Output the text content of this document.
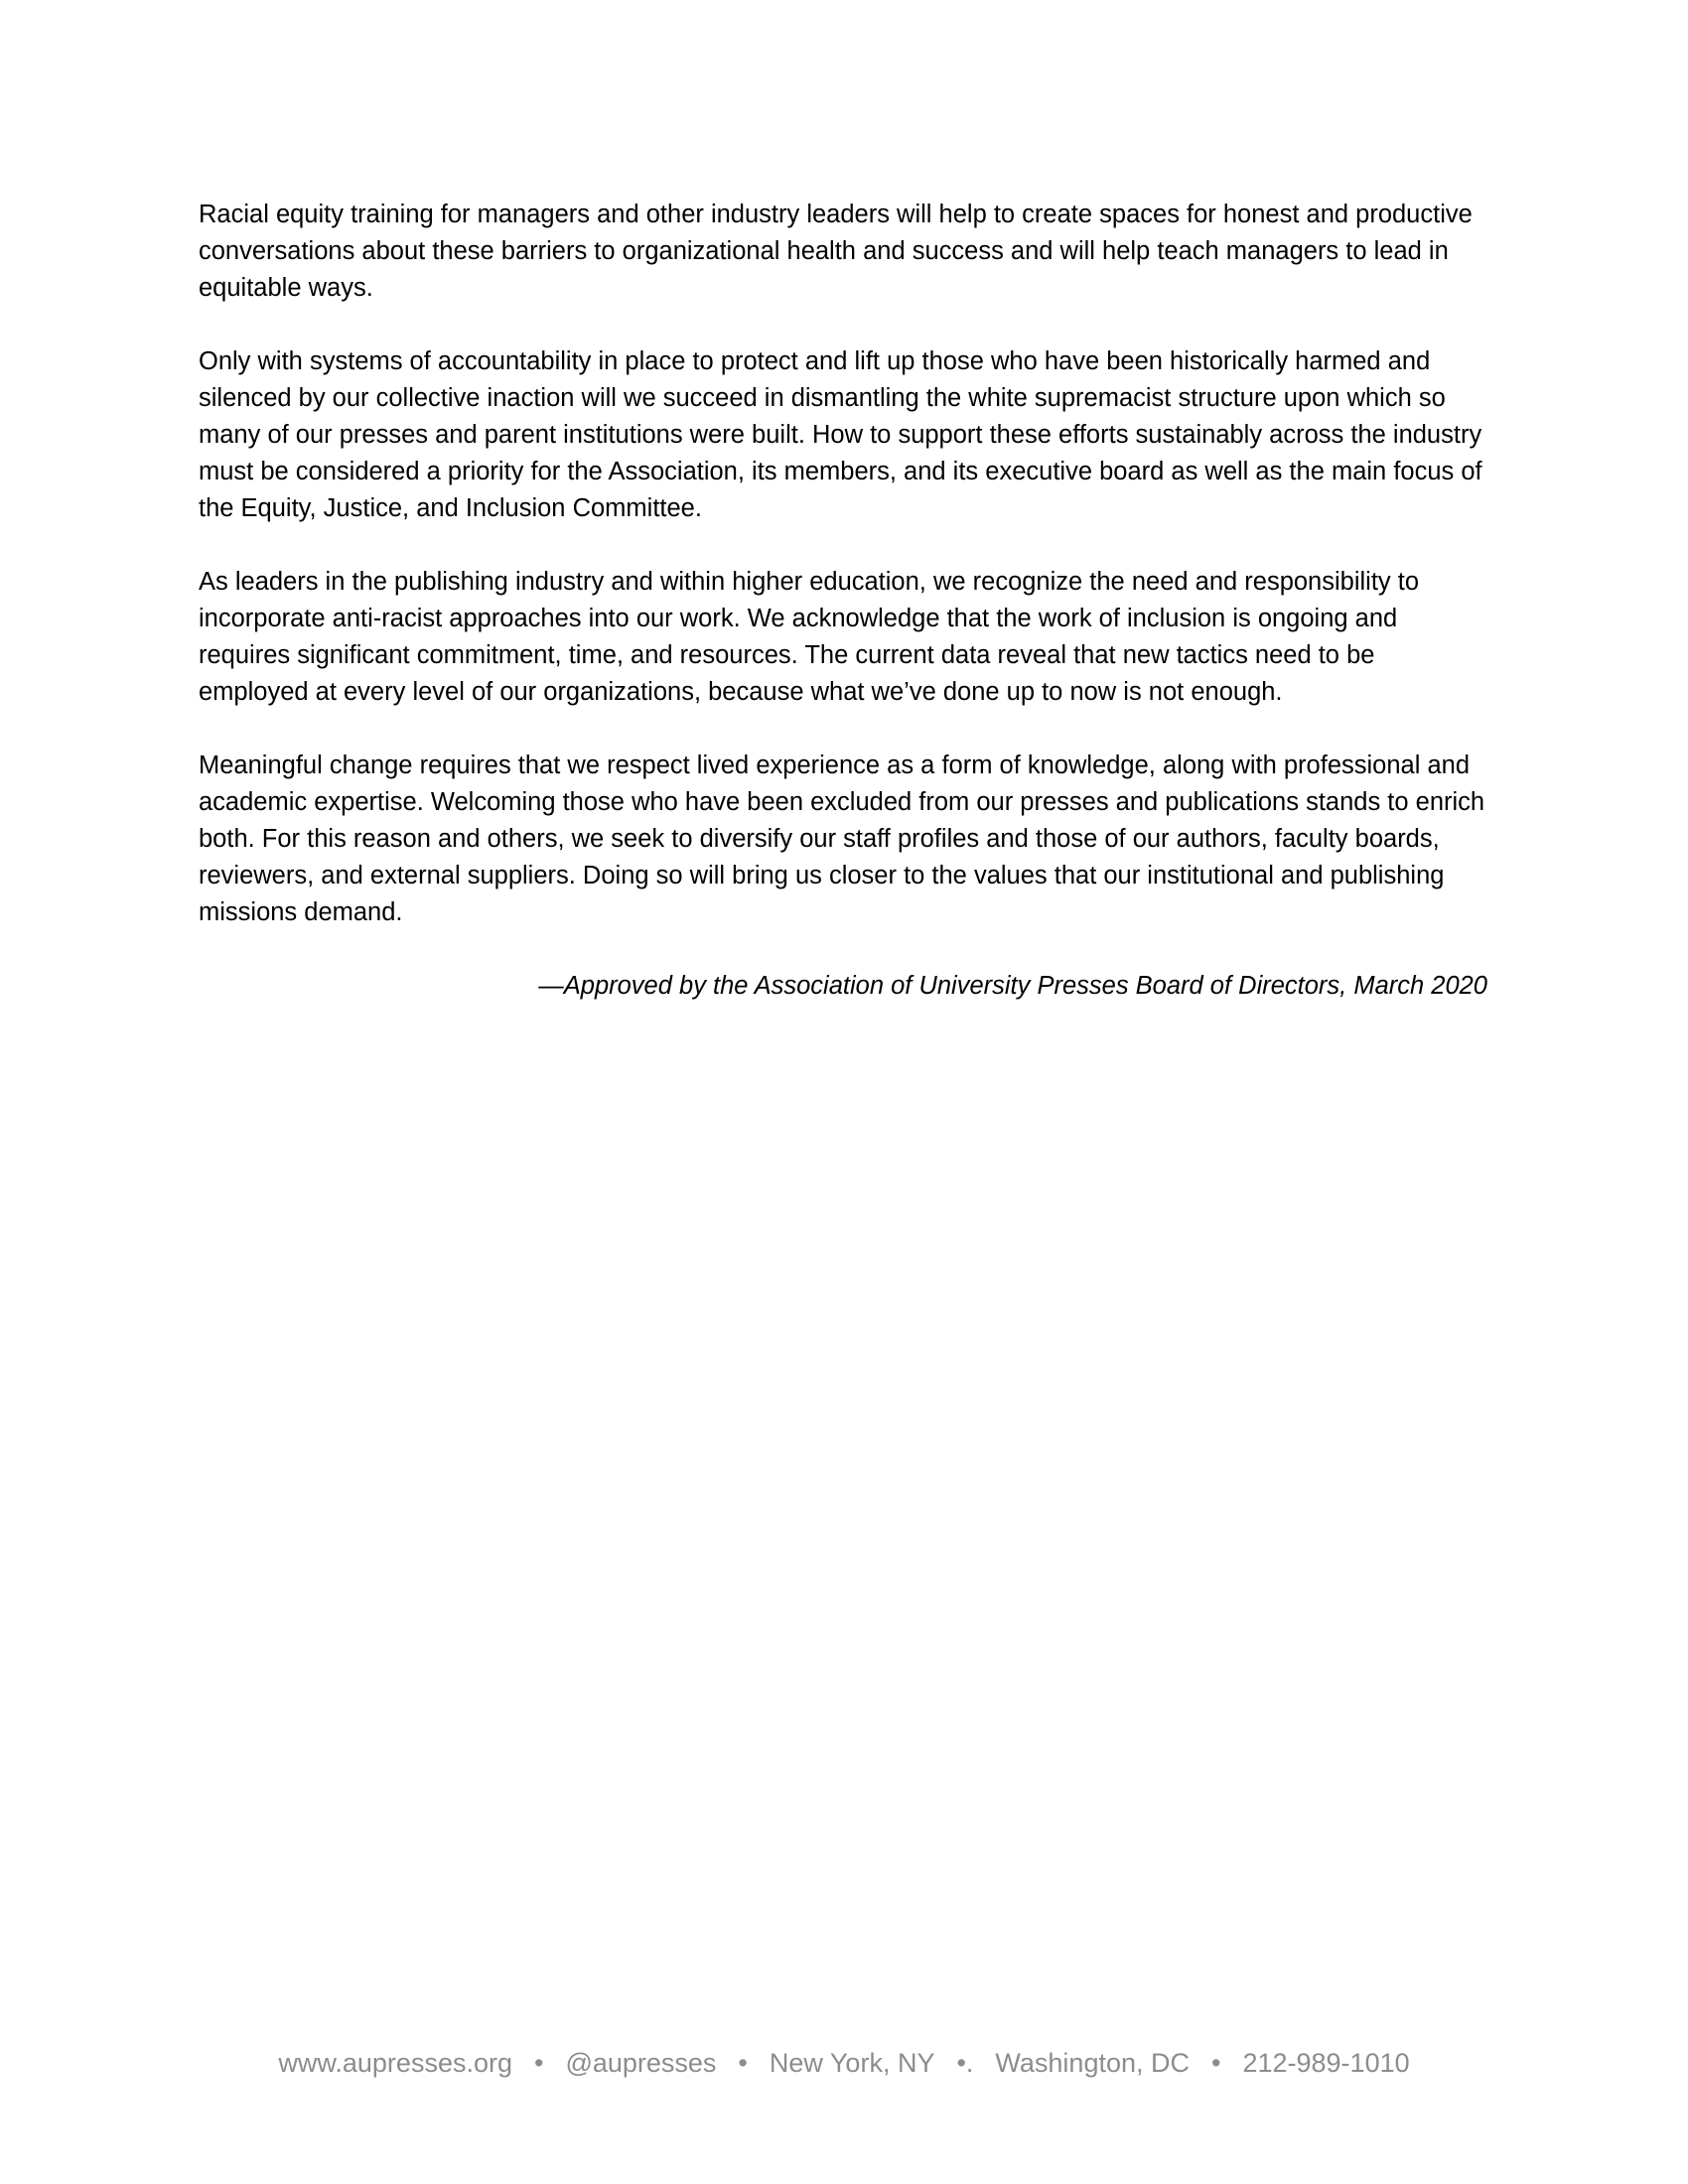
Racial equity training for managers and other industry leaders will help to create spaces for honest and productive conversations about these barriers to organizational health and success and will help teach managers to lead in equitable ways.

Only with systems of accountability in place to protect and lift up those who have been historically harmed and silenced by our collective inaction will we succeed in dismantling the white supremacist structure upon which so many of our presses and parent institutions were built. How to support these efforts sustainably across the industry must be considered a priority for the Association, its members, and its executive board as well as the main focus of the Equity, Justice, and Inclusion Committee.

As leaders in the publishing industry and within higher education, we recognize the need and responsibility to incorporate anti-racist approaches into our work. We acknowledge that the work of inclusion is ongoing and requires significant commitment, time, and resources. The current data reveal that new tactics need to be employed at every level of our organizations, because what we’ve done up to now is not enough.

Meaningful change requires that we respect lived experience as a form of knowledge, along with professional and academic expertise. Welcoming those who have been excluded from our presses and publications stands to enrich both. For this reason and others, we seek to diversify our staff profiles and those of our authors, faculty boards, reviewers, and external suppliers. Doing so will bring us closer to the values that our institutional and publishing missions demand.

—Approved by the Association of University Presses Board of Directors, March 2020

www.aupresses.org • @aupresses • New York, NY •. Washington, DC • 212-989-1010
